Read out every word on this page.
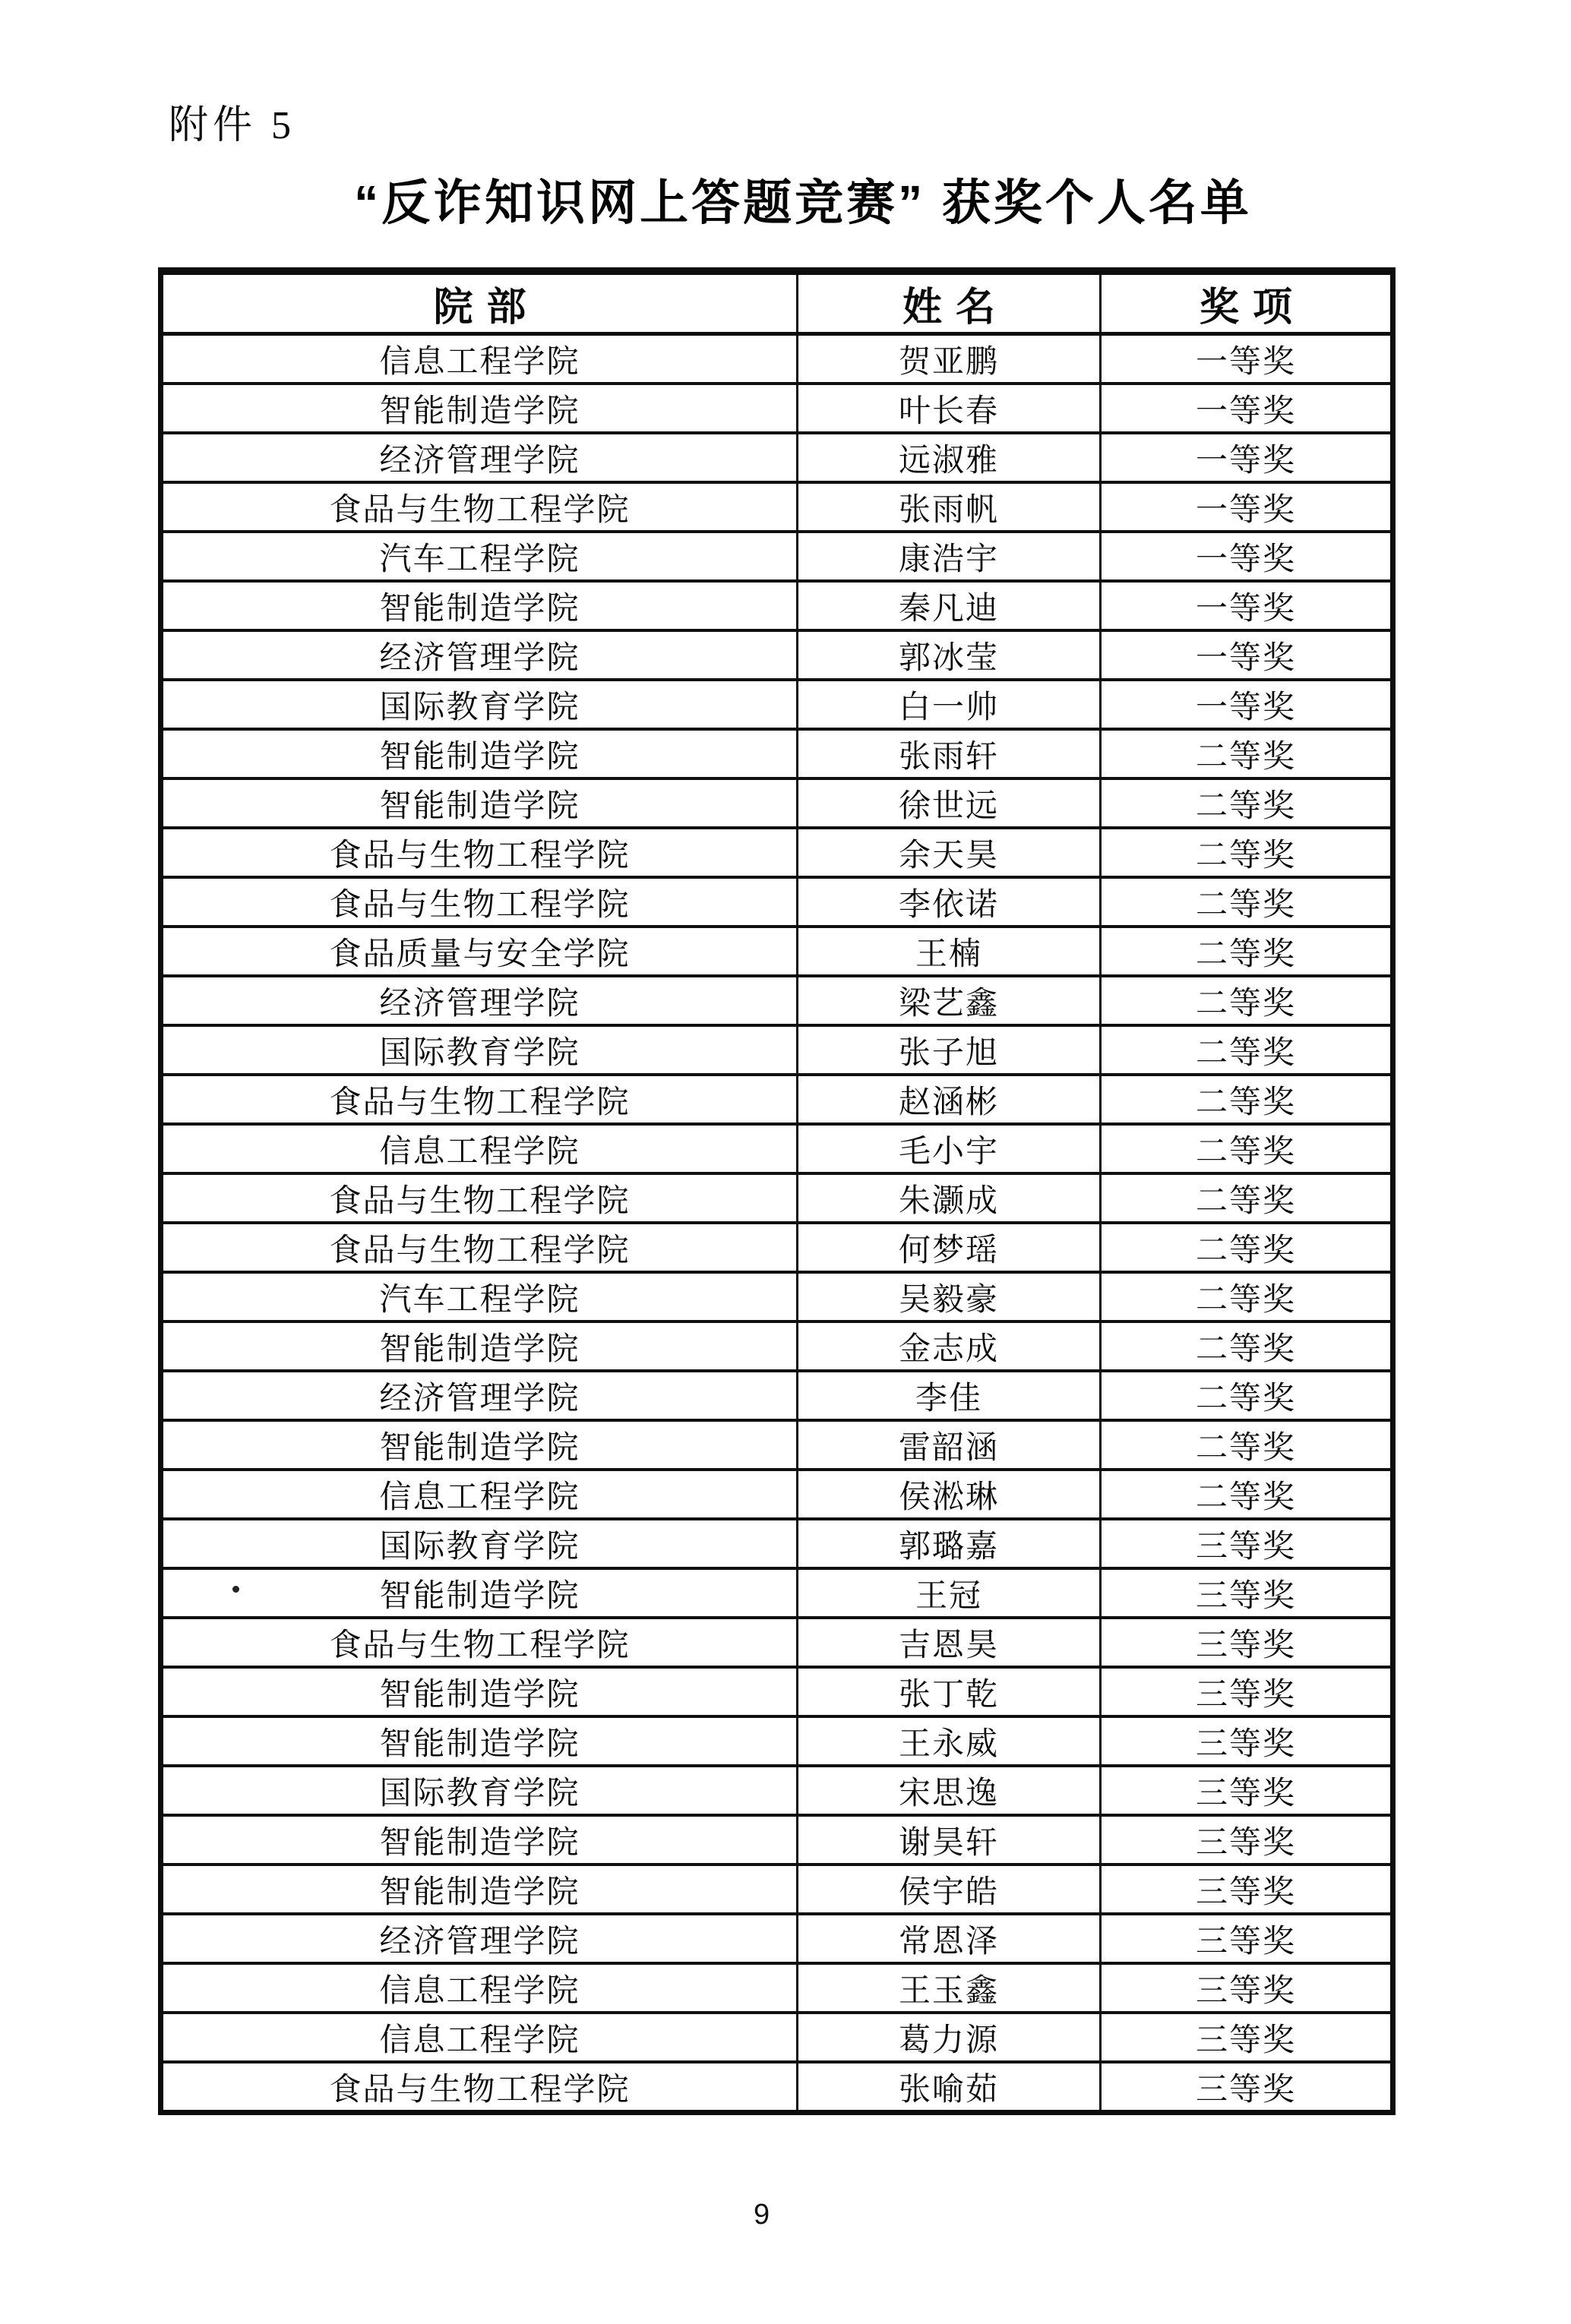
附件 5
“反诈知识网上答题竞赛” 获奖个人名单
院部	姓名	奖项
信息工程学院	贺亚鹏	一等奖
智能制造学院	叶长春	一等奖
经济管理学院	远淑雅	一等奖
食品与生物工程学院	张雨帆	一等奖
汽车工程学院	康浩宇	一等奖
智能制造学院	秦凡迪	一等奖
经济管理学院	郭冰莹	一等奖
国际教育学院	白一帅	一等奖
智能制造学院	张雨轩	二等奖
智能制造学院	徐世远	二等奖
食品与生物工程学院	余天昊	二等奖
食品与生物工程学院	李依诺	二等奖
食品质量与安全学院	王楠	二等奖
经济管理学院	梁艺鑫	二等奖
国际教育学院	张子旭	二等奖
食品与生物工程学院	赵涵彬	二等奖
信息工程学院	毛小宇	二等奖
食品与生物工程学院	朱灏成	二等奖
食品与生物工程学院	何梦瑶	二等奖
汽车工程学院	吴毅豪	二等奖
智能制造学院	金志成	二等奖
经济管理学院	李佳	二等奖
智能制造学院	雷韶涵	二等奖
信息工程学院	侯淞琳	二等奖
国际教育学院	郭璐嘉	三等奖
智能制造学院	王冠	三等奖
食品与生物工程学院	吉恩昊	三等奖
智能制造学院	张丁乾	三等奖
智能制造学院	王永威	三等奖
国际教育学院	宋思逸	三等奖
智能制造学院	谢昊轩	三等奖
智能制造学院	侯宇皓	三等奖
经济管理学院	常恩泽	三等奖
信息工程学院	王玉鑫	三等奖
信息工程学院	葛力源	三等奖
食品与生物工程学院	张喻茹	三等奖
9
